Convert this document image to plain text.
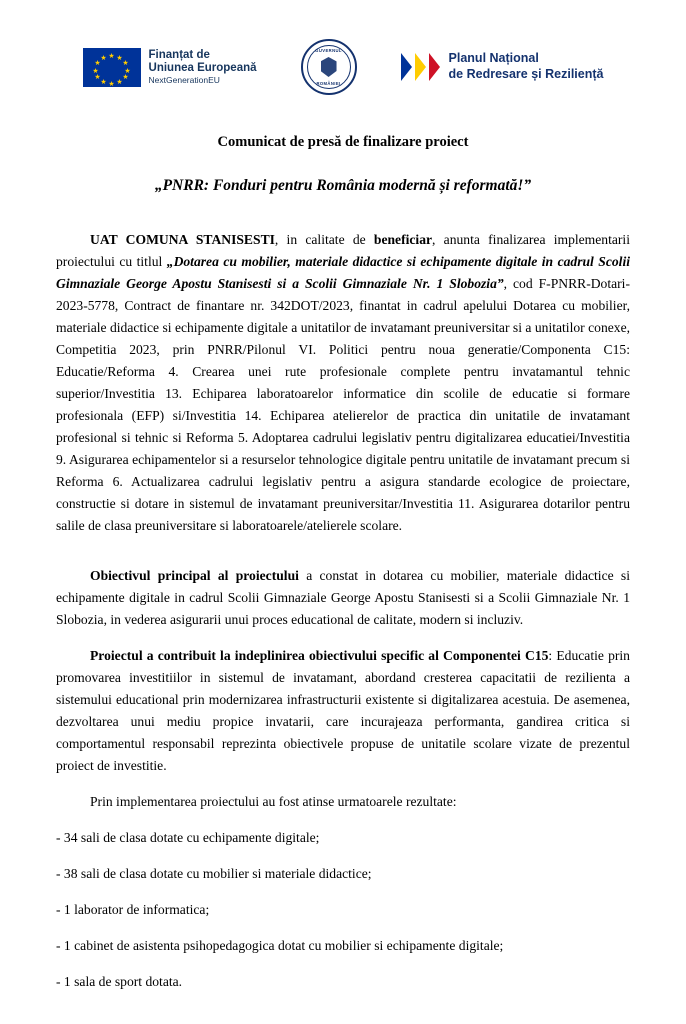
★ ★
★
★
★
★
★
★
★
★
★
★	Finanțat de
Uniunea Europeană
NextGenerationEU
GUVERNUL
ROMÂNIEI
Planul Național
de Redresare și Reziliență
Comunicat de presă de finalizare proiect
„PNRR: Fonduri pentru România modernă și reformată!”

UAT COMUNA STANISESTI, in calitate de beneficiar, anunta finalizarea implementarii proiectului cu titlul „Dotarea cu mobilier, materiale didactice si echipamente digitale in cadrul Scolii Gimnaziale George Apostu Stanisesti si a Scolii Gimnaziale Nr. 1 Slobozia”, cod F-PNRR-Dotari-2023-5778, Contract de finantare nr. 342DOT/2023, finantat in cadrul apelului Dotarea cu mobilier, materiale didactice si echipamente digitale a unitatilor de invatamant preuniversitar si a unitatilor conexe, Competitia 2023, prin PNRR/Pilonul VI. Politici pentru noua generatie/Componenta C15: Educatie/Reforma 4. Crearea unei rute profesionale complete pentru invatamantul tehnic superior/Investitia 13. Echiparea laboratoarelor informatice din scolile de educatie si formare profesionala (EFP) si/Investitia 14. Echiparea atelierelor de practica din unitatile de invatamant profesional si tehnic si Reforma 5. Adoptarea cadrului legislativ pentru digitalizarea educatiei/Investitia 9. Asigurarea echipamentelor si a resurselor tehnologice digitale pentru unitatile de invatamant precum si Reforma 6. Actualizarea cadrului legislativ pentru a asigura standarde ecologice de proiectare, constructie si dotare in sistemul de invatamant preuniversitar/Investitia 11. Asigurarea dotarilor pentru salile de clasa preuniversitare si laboratoarele/atelierele scolare.

Obiectivul principal al proiectului a constat in dotarea cu mobilier, materiale didactice si echipamente digitale in cadrul Scolii Gimnaziale George Apostu Stanisesti si a Scolii Gimnaziale Nr. 1 Slobozia, in vederea asigurarii unui proces educational de calitate, modern si incluziv.

Proiectul a contribuit la indeplinirea obiectivului specific al Componentei C15: Educatie prin promovarea investitiilor in sistemul de invatamant, abordand cresterea capacitatii de rezilienta a sistemului educational prin modernizarea infrastructurii existente si digitalizarea acestuia. De asemenea, dezvoltarea unui mediu propice invatarii, care incurajeaza performanta, gandirea critica si comportamentul responsabil reprezinta obiectivele propuse de unitatile scolare vizate de prezentul proiect de investitie.

Prin implementarea proiectului au fost atinse urmatoarele rezultate:

- 34 sali de clasa dotate cu echipamente digitale;
- 38 sali de clasa dotate cu mobilier si materiale didactice;
- 1 laborator de informatica;
- 1 cabinet de asistenta psihopedagogica dotat cu mobilier si echipamente digitale;
- 1 sala de sport dotata.
